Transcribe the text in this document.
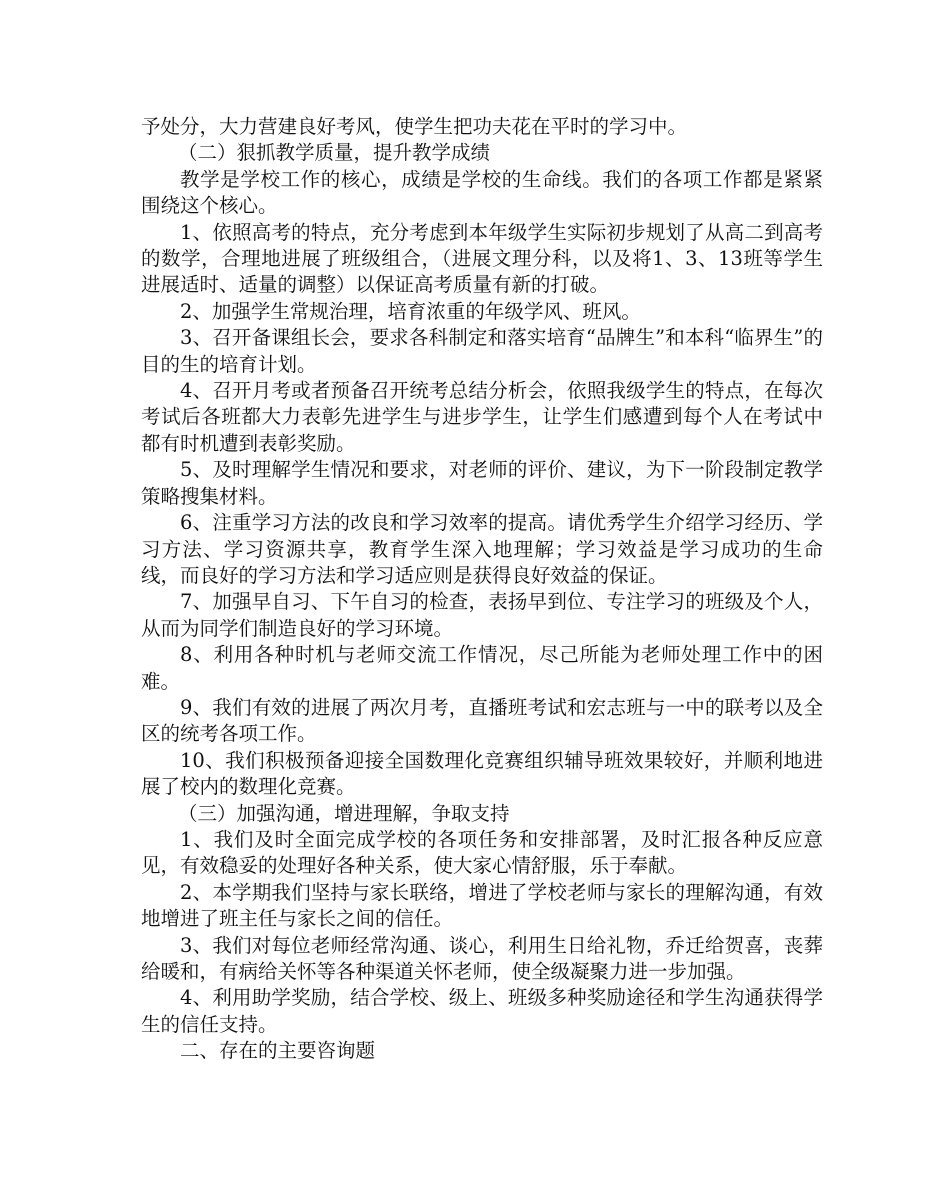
予处分，大力营建良好考风，使学生把功夫花在平时的学习中。

（二）狠抓教学质量，提升教学成绩

教学是学校工作的核心，成绩是学校的生命线。我们的各项工作都是紧紧围绕这个核心。

1、依照高考的特点，充分考虑到本年级学生实际初步规划了从高二到高考的数学，合理地进展了班级组合，（进展文理分科，以及将1、3、13班等学生进展适时、适量的调整）以保证高考质量有新的打破。

2、加强学生常规治理，培育浓重的年级学风、班风。

3、召开备课组长会，要求各科制定和落实培育“品牌生”和本科“临界生”的目的生的培育计划。

4、召开月考或者预备召开统考总结分析会，依照我级学生的特点，在每次考试后各班都大力表彰先进学生与进步学生，让学生们感遭到每个人在考试中都有时机遭到表彰奖励。

5、及时理解学生情况和要求，对老师的评价、建议，为下一阶段制定教学策略搜集材料。

6、注重学习方法的改良和学习效率的提高。请优秀学生介绍学习经历、学习方法、学习资源共享，教育学生深入地理解；学习效益是学习成功的生命线，而良好的学习方法和学习适应则是获得良好效益的保证。

7、加强早自习、下午自习的检查，表扬早到位、专注学习的班级及个人，从而为同学们制造良好的学习环境。

8、利用各种时机与老师交流工作情况，尽己所能为老师处理工作中的困难。

9、我们有效的进展了两次月考，直播班考试和宏志班与一中的联考以及全区的统考各项工作。

10、我们积极预备迎接全国数理化竞赛组织辅导班效果较好，并顺利地进展了校内的数理化竞赛。

（三）加强沟通，增进理解，争取支持

1、我们及时全面完成学校的各项任务和安排部署，及时汇报各种反应意见，有效稳妥的处理好各种关系，使大家心情舒服，乐于奉献。

2、本学期我们坚持与家长联络，增进了学校老师与家长的理解沟通，有效地增进了班主任与家长之间的信任。

3、我们对每位老师经常沟通、谈心，利用生日给礼物，乔迁给贺喜，丧葬给暖和，有病给关怀等各种渠道关怀老师，使全级凝聚力进一步加强。

4、利用助学奖励，结合学校、级上、班级多种奖励途径和学生沟通获得学生的信任支持。

二、存在的主要咨询题
